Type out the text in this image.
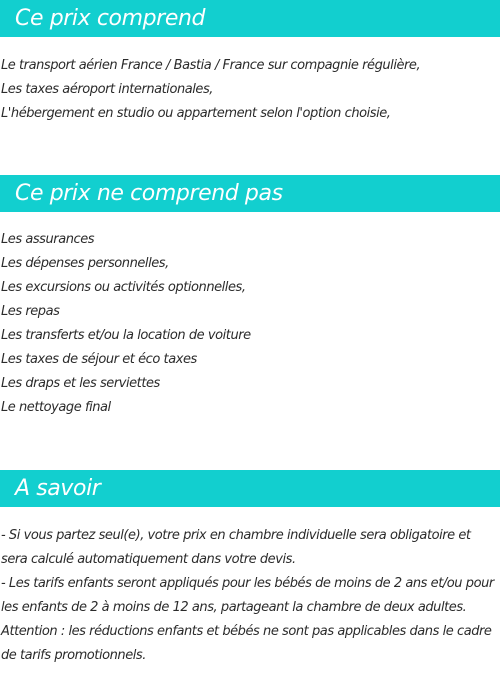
Ce prix comprend
Le transport aérien France / Bastia / France sur compagnie régulière,
Les taxes aéroport internationales,
L'hébergement en studio ou appartement selon l'option choisie,
Ce prix ne comprend pas
Les assurances
Les dépenses personnelles,
Les excursions ou activités optionnelles,
Les repas
Les transferts et/ou la location de voiture
Les taxes de séjour et éco taxes
Les draps et les serviettes
Le nettoyage final
A savoir
- Si vous partez seul(e), votre prix en chambre individuelle sera obligatoire et
sera calculé automatiquement dans votre devis.
- Les tarifs enfants seront appliqués pour les bébés de moins de 2 ans et/ou pour
les enfants de 2 à moins de 12 ans, partageant la chambre de deux adultes.
Attention : les réductions enfants et bébés ne sont pas applicables dans le cadre
de tarifs promotionnels.
